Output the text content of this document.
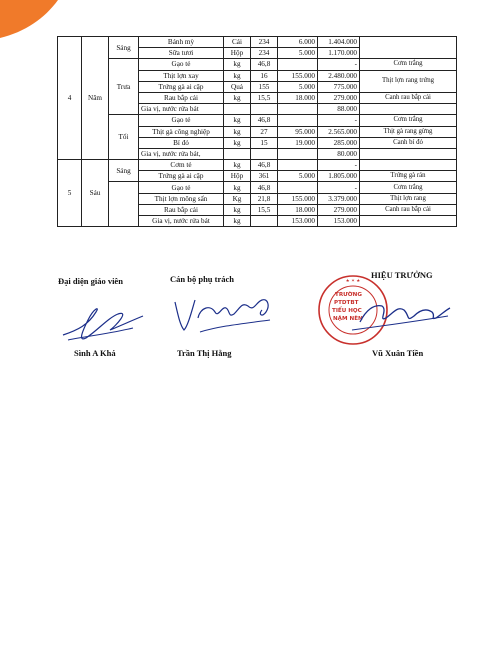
4	Năm	Sáng	Bánh mỳ	Cái	234	6.000	1.404.000	
			Sữa tươi	Hộp	234	5.000	1.170.000	
		Trưa	Gạo tẻ	kg	46,8		-	Cơm trắng
			Thịt lợn xay	kg	16	155.000	2.480.000	Thịt lợn rang trứng
			Trứng gà ai cập	Quả	155	5.000	775.000	
			Rau bắp cải	kg	15,5	18.000	279.000	Canh rau bắp cải
			Gia vị, nước rửa bát				88.000	
		Tối	Gạo tẻ	kg	46,8		-	Cơm trắng
			Thịt gà công nghiệp	kg	27	95.000	2.565.000	Thịt gà rang gừng
			Bí đỏ	kg	15	19.000	285.000	Canh bí đỏ
			Gia vị, nước rửa bát,				80.000	
5	Sáu	Sáng	Cơm tẻ	kg	46,8		-	
			Trứng gà ai cập	Hộp	361	5.000	1.805.000	Trứng gà rán
			Gạo tẻ	kg	46,8		-	Cơm trắng
			Thịt lợn mông sấn	Kg	21,8	155.000	3.379.000	Thịt lợn rang
			Rau bắp cải	kg	15,5	18.000	279.000	Canh rau bắp cải
			Gia vị, nước rửa bát	kg		153.000	153.000	
Đại diện giáo viên	Cán bộ phụ trách	★ ✶ ★
TRƯỜNG
PTDTBT
TIỂU HỌC
NẬM NÈN
HIỆU TRƯỞNG
Sình A Khá	Trần Thị Hằng	Vũ Xuân Tiền
